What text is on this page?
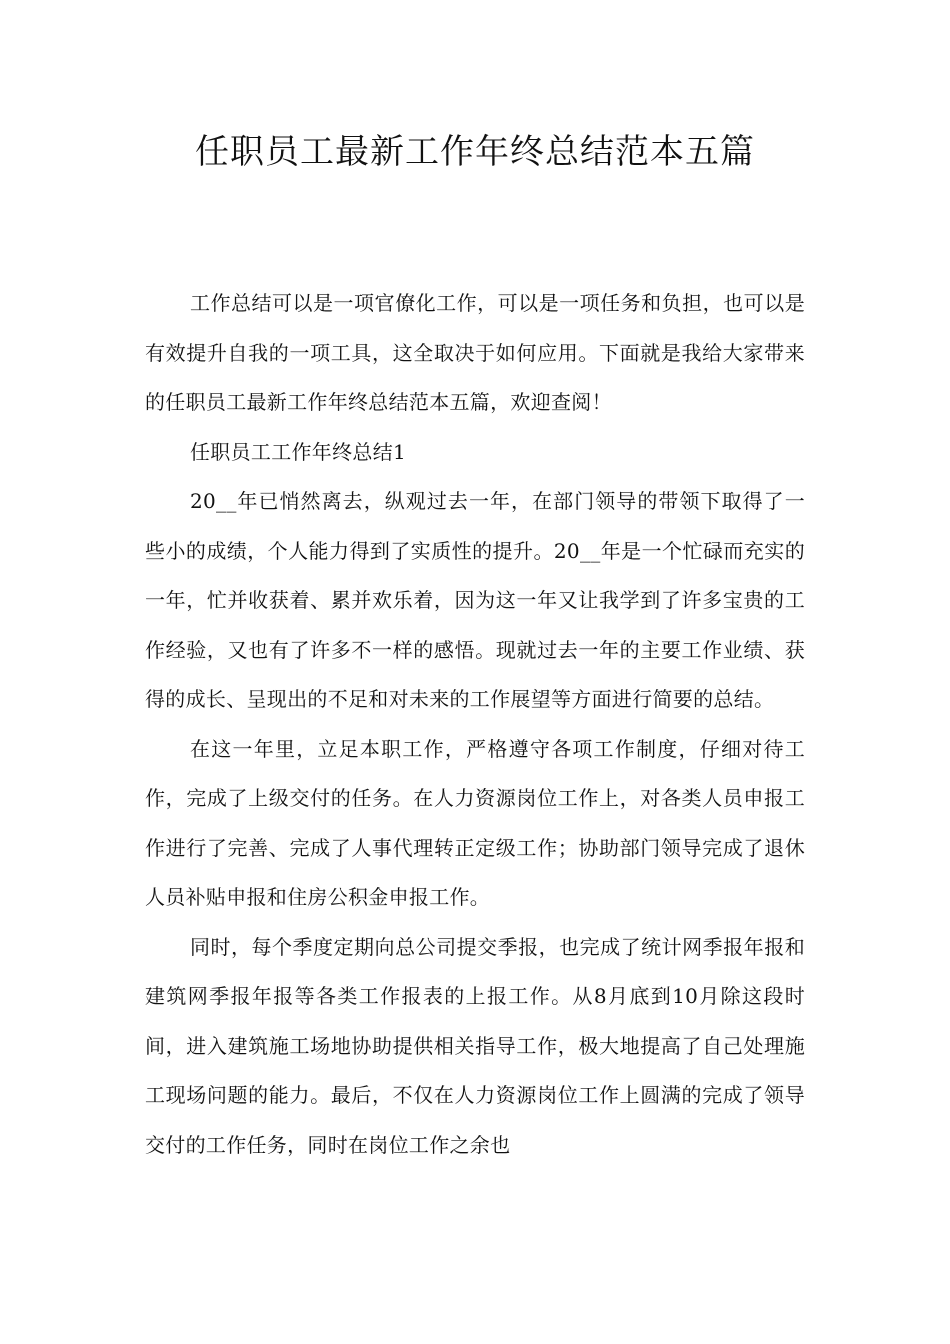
任职员工最新工作年终总结范本五篇

工作总结可以是一项官僚化工作，可以是一项任务和负担，也可以是有效提升自我的一项工具，这全取决于如何应用。下面就是我给大家带来的任职员工最新工作年终总结范本五篇，欢迎查阅！

任职员工工作年终总结1

20__年已悄然离去，纵观过去一年，在部门领导的带领下取得了一些小的成绩，个人能力得到了实质性的提升。20__年是一个忙碌而充实的一年，忙并收获着、累并欢乐着，因为这一年又让我学到了许多宝贵的工作经验，又也有了许多不一样的感悟。现就过去一年的主要工作业绩、获得的成长、呈现出的不足和对未来的工作展望等方面进行简要的总结。

在这一年里，立足本职工作，严格遵守各项工作制度，仔细对待工作，完成了上级交付的任务。在人力资源岗位工作上，对各类人员申报工作进行了完善、完成了人事代理转正定级工作；协助部门领导完成了退休人员补贴申报和住房公积金申报工作。

同时，每个季度定期向总公司提交季报，也完成了统计网季报年报和建筑网季报年报等各类工作报表的上报工作。从8月底到10月除这段时间，进入建筑施工场地协助提供相关指导工作，极大地提高了自己处理施工现场问题的能力。最后，不仅在人力资源岗位工作上圆满的完成了领导交付的工作任务，同时在岗位工作之余也
